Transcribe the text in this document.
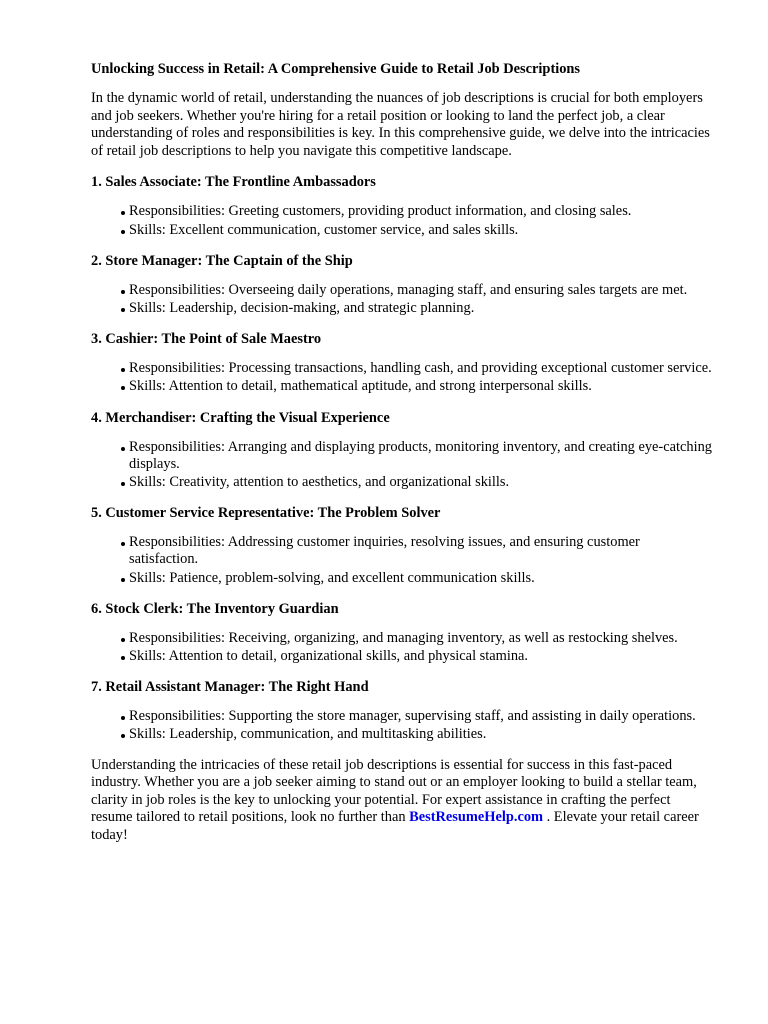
Unlocking Success in Retail: A Comprehensive Guide to Retail Job Descriptions

In the dynamic world of retail, understanding the nuances of job descriptions is crucial for both employers and job seekers. Whether you're hiring for a retail position or looking to land the perfect job, a clear understanding of roles and responsibilities is key. In this comprehensive guide, we delve into the intricacies of retail job descriptions to help you navigate this competitive landscape.

1. Sales Associate: The Frontline Ambassadors
Responsibilities: Greeting customers, providing product information, and closing sales.
Skills: Excellent communication, customer service, and sales skills.
2. Store Manager: The Captain of the Ship
Responsibilities: Overseeing daily operations, managing staff, and ensuring sales targets are met.
Skills: Leadership, decision-making, and strategic planning.
3. Cashier: The Point of Sale Maestro
Responsibilities: Processing transactions, handling cash, and providing exceptional customer service.
Skills: Attention to detail, mathematical aptitude, and strong interpersonal skills.
4. Merchandiser: Crafting the Visual Experience
Responsibilities: Arranging and displaying products, monitoring inventory, and creating eye-catching displays.
Skills: Creativity, attention to aesthetics, and organizational skills.
5. Customer Service Representative: The Problem Solver
Responsibilities: Addressing customer inquiries, resolving issues, and ensuring customer satisfaction.
Skills: Patience, problem-solving, and excellent communication skills.
6. Stock Clerk: The Inventory Guardian
Responsibilities: Receiving, organizing, and managing inventory, as well as restocking shelves.
Skills: Attention to detail, organizational skills, and physical stamina.
7. Retail Assistant Manager: The Right Hand
Responsibilities: Supporting the store manager, supervising staff, and assisting in daily operations.
Skills: Leadership, communication, and multitasking abilities.

Understanding the intricacies of these retail job descriptions is essential for success in this fast-paced industry. Whether you are a job seeker aiming to stand out or an employer looking to build a stellar team, clarity in job roles is the key to unlocking your potential. For expert assistance in crafting the perfect resume tailored to retail positions, look no further than BestResumeHelp.com . Elevate your retail career today!
